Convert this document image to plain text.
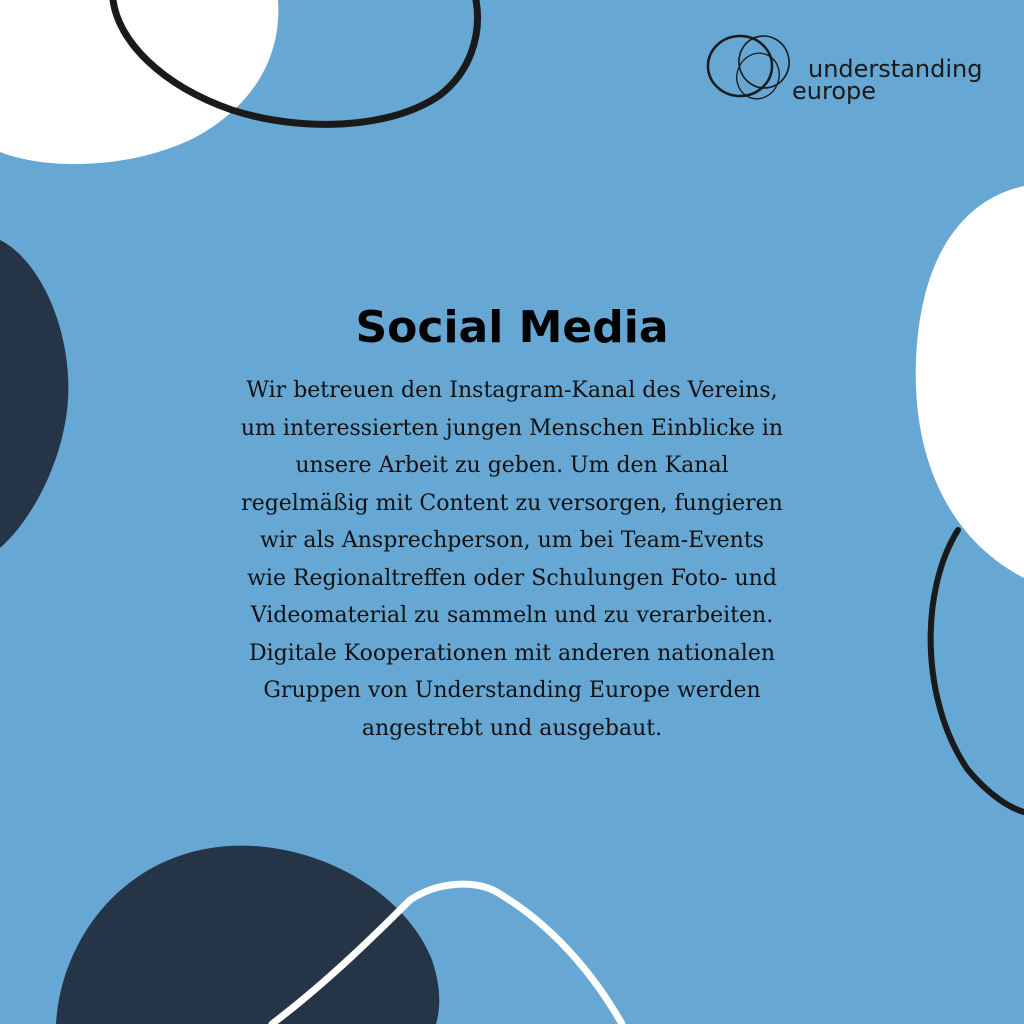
understanding
europe
Social Media

Wir betreuen den Instagram-Kanal des Vereins,
um interessierten jungen Menschen Einblicke in
unsere Arbeit zu geben. Um den Kanal
regelmäßig mit Content zu versorgen, fungieren
wir als Ansprechperson, um bei Team-Events
wie Regionaltreffen oder Schulungen Foto- und
Videomaterial zu sammeln und zu verarbeiten.
Digitale Kooperationen mit anderen nationalen
Gruppen von Understanding Europe werden
angestrebt und ausgebaut.
